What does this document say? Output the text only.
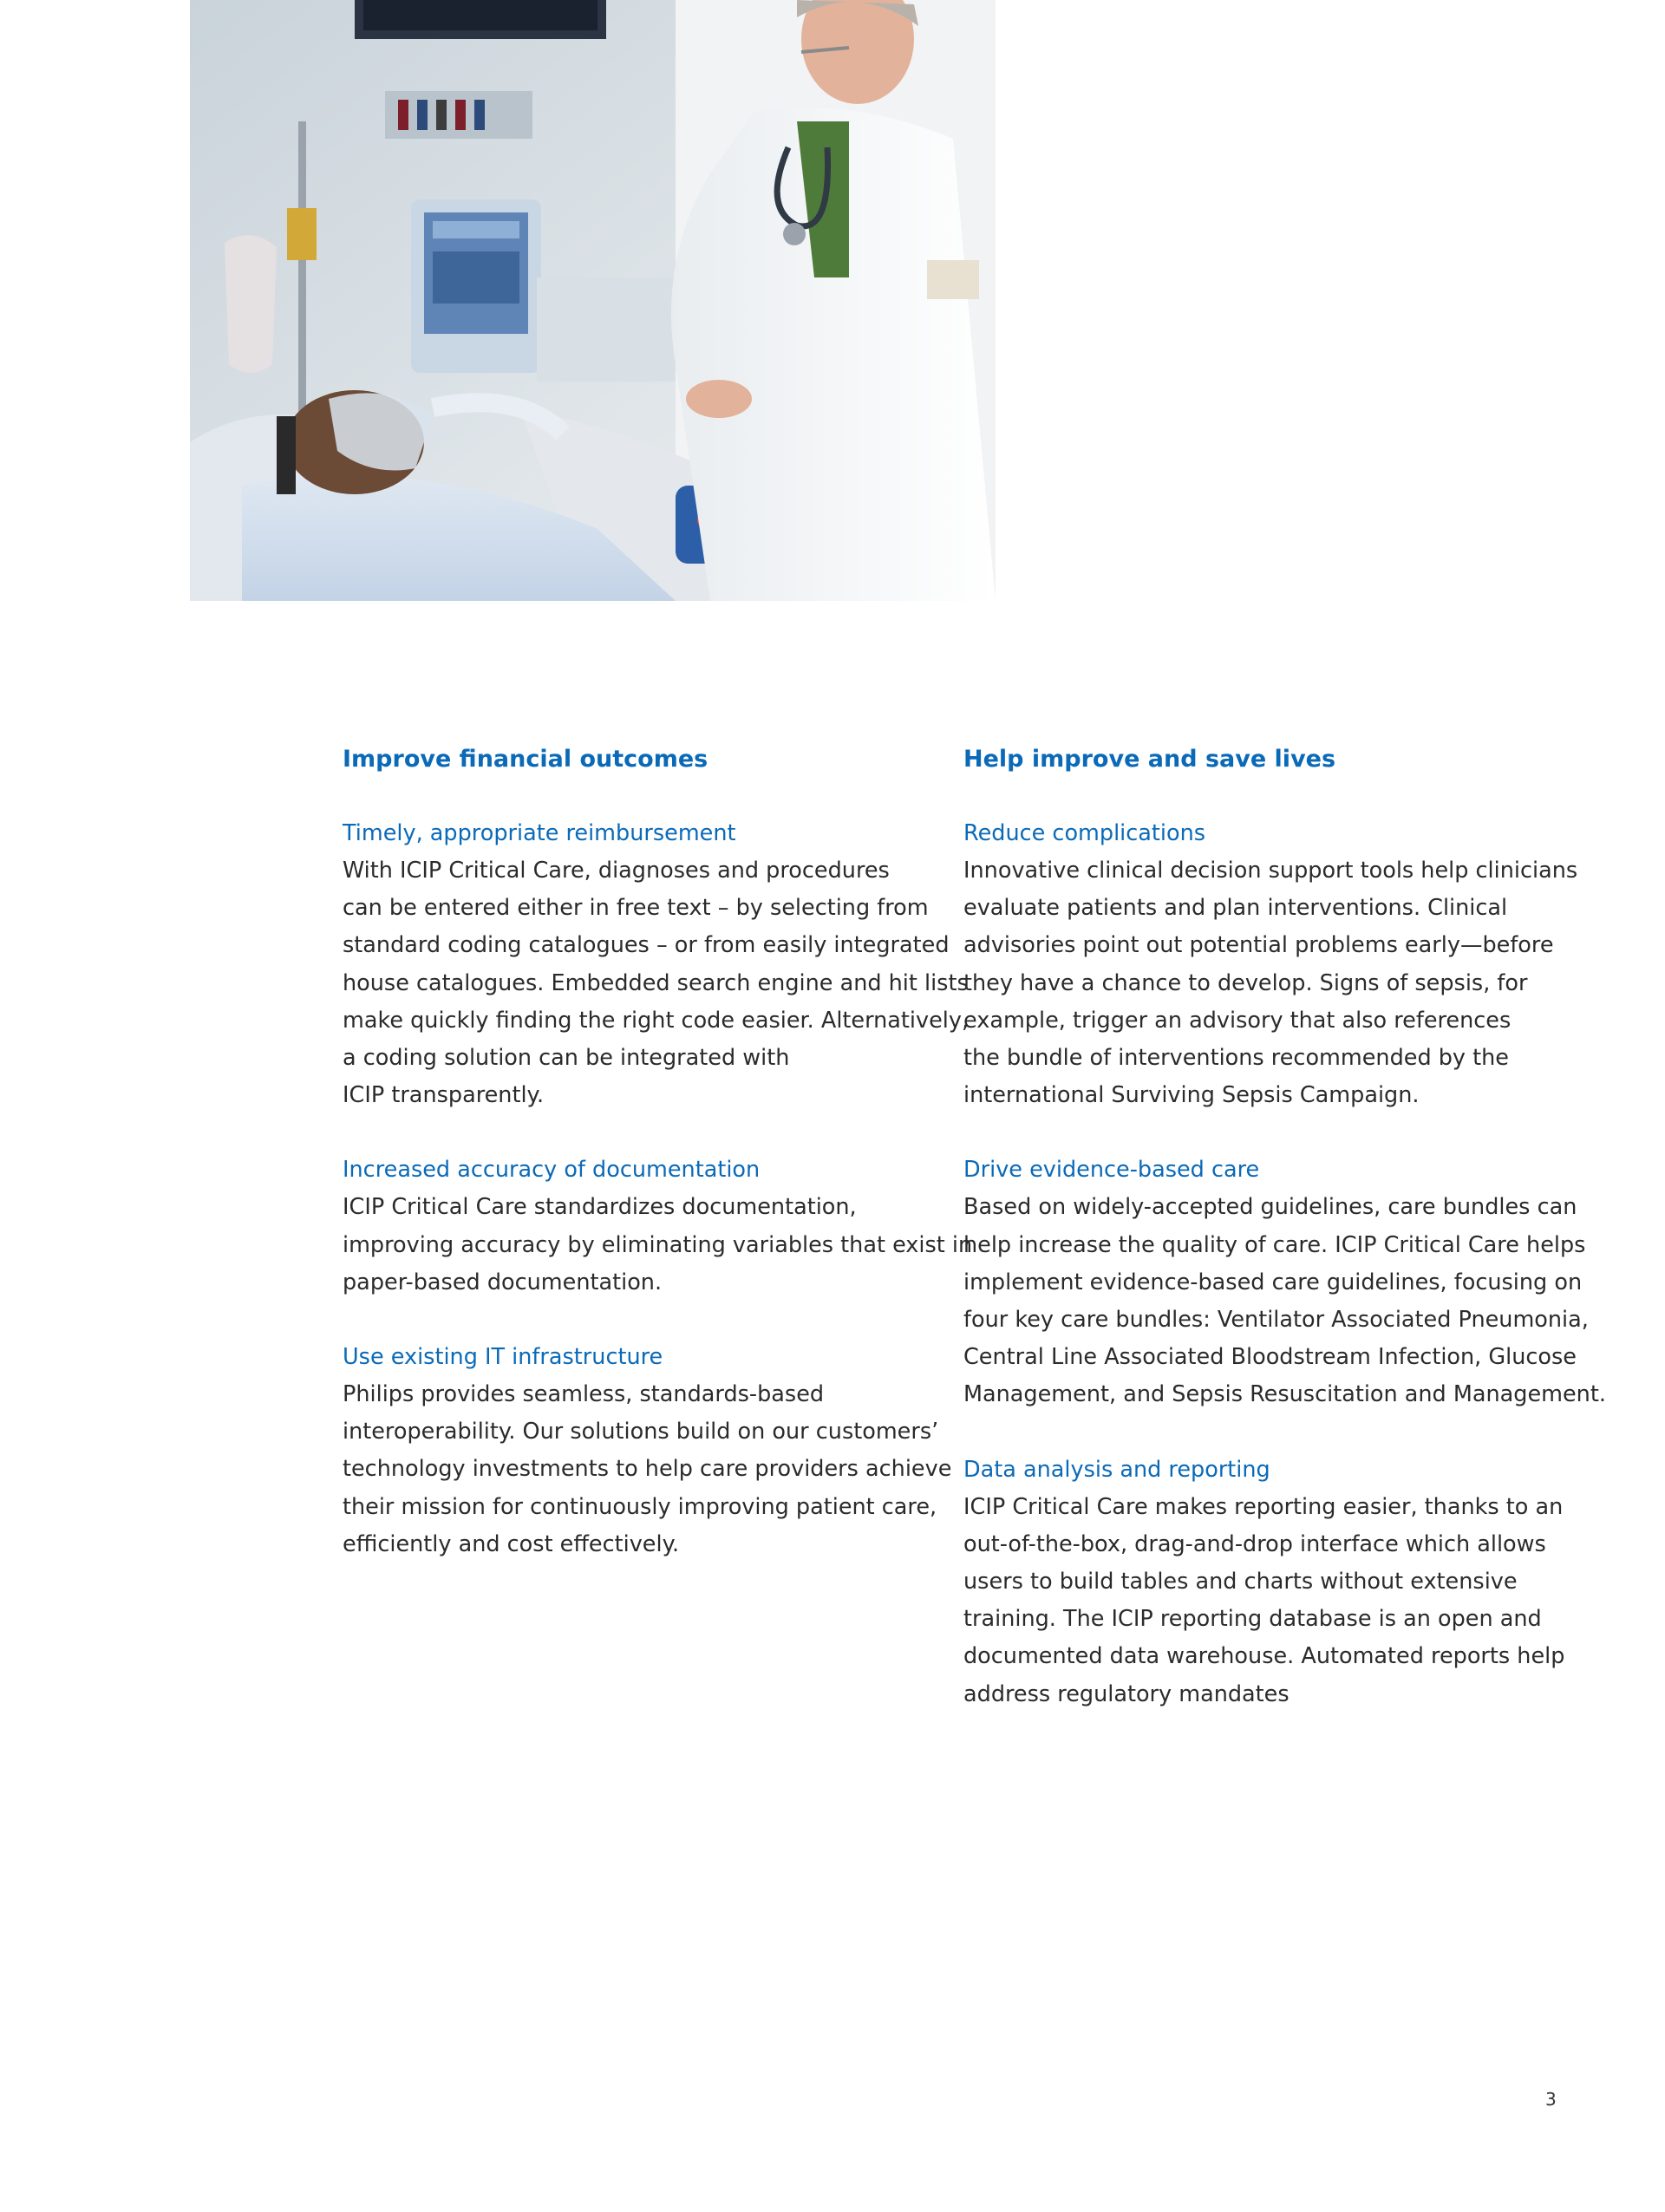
Improve financial outcomes
Timely, appropriate reimbursement

With ICIP Critical Care, diagnoses and procedures
can be entered either in free text – by selecting from
standard coding catalogues – or from easily integrated
house catalogues. Embedded search engine and hit lists
make quickly finding the right code easier. Alternatively,
a coding solution can be integrated with
ICIP transparently.

Increased accuracy of documentation

ICIP Critical Care standardizes documentation,
improving accuracy by eliminating variables that exist in
paper-based documentation.

Use existing IT infrastructure

Philips provides seamless, standards-based
interoperability. Our solutions build on our customers’
technology investments to help care providers achieve
their mission for continuously improving patient care,
efficiently and cost effectively.

Help improve and save lives
Reduce complications

Innovative clinical decision support tools help clinicians
evaluate patients and plan interventions. Clinical
advisories point out potential problems early—before
they have a chance to develop. Signs of sepsis, for
example, trigger an advisory that also references
the bundle of interventions recommended by the
international Surviving Sepsis Campaign.

Drive evidence-based care

Based on widely-accepted guidelines, care bundles can
help increase the quality of care. ICIP Critical Care helps
implement evidence-based care guidelines, focusing on
four key care bundles: Ventilator Associated Pneumonia,
Central Line Associated Bloodstream Infection, Glucose
Management, and Sepsis Resuscitation and Management.

Data analysis and reporting

ICIP Critical Care makes reporting easier, thanks to an
out-of-the-box, drag-and-drop interface which allows
users to build tables and charts without extensive
training. The ICIP reporting database is an open and
documented data warehouse. Automated reports help
address regulatory mandates

3
